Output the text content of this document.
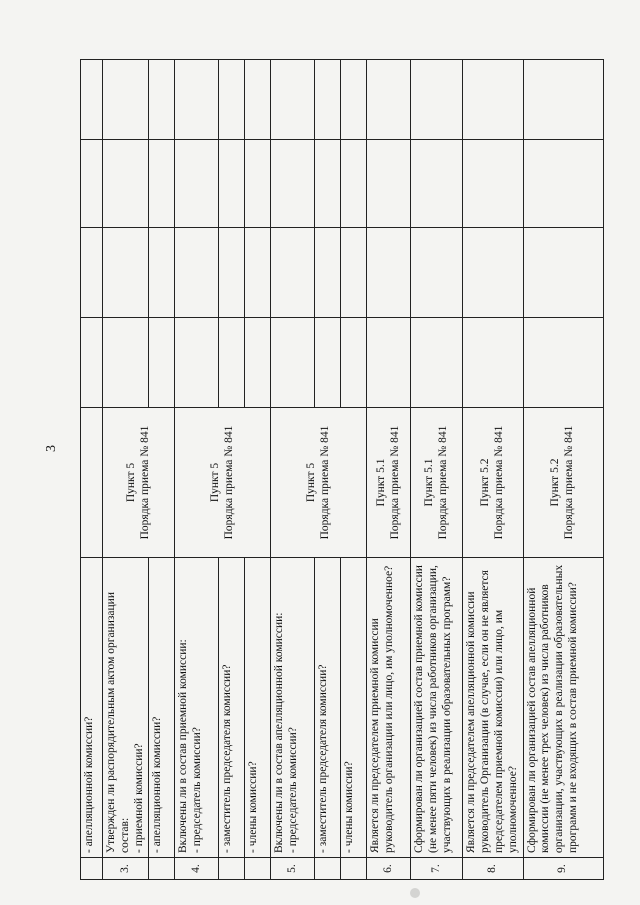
3
	- апелляционной комиссии?	

3.	Утвержден ли распорядительным актом организации состав:
- приемной комиссии?	Пункт 5 Порядка приема № 841				

	- апелляционной комиссии?					
4.	Включены ли в состав приемной комиссии:
- председатель комиссии?	Пункт 5 Порядка приема № 841				

	- заместитель председателя комиссии?					
	- члены комиссии?					
5.	Включены ли в состав апелляционной комиссии:
- председатель комиссии?	Пункт 5 Порядка приема № 841				

	- заместитель председателя комиссии?					
	- члены комиссии?					
6.	Является ли председателем приемной комиссии руководитель организации или лицо, им уполномоченное?	Пункт 5.1 Порядка приема № 841				

7.	Сформирован ли организацией состав приемной комиссии (не менее пяти человек) из числа работников организации, участвующих в реализации образовательных программ?	Пункт 5.1 Порядка приема № 841				

8.	Является ли председателем апелляционной комиссии руководитель Организации (в случае, если он не является председателем приемной комиссии) или лицо, им уполномоченное?	Пункт 5.2 Порядка приема № 841				

9.	Сформирован ли организацией состав апелляционной комиссии (не менее трех человек) из числа работников организации, участвующих в реализации образовательных программ и не входящих в состав приемной комиссии?	Пункт 5.2 Порядка приема № 841				
